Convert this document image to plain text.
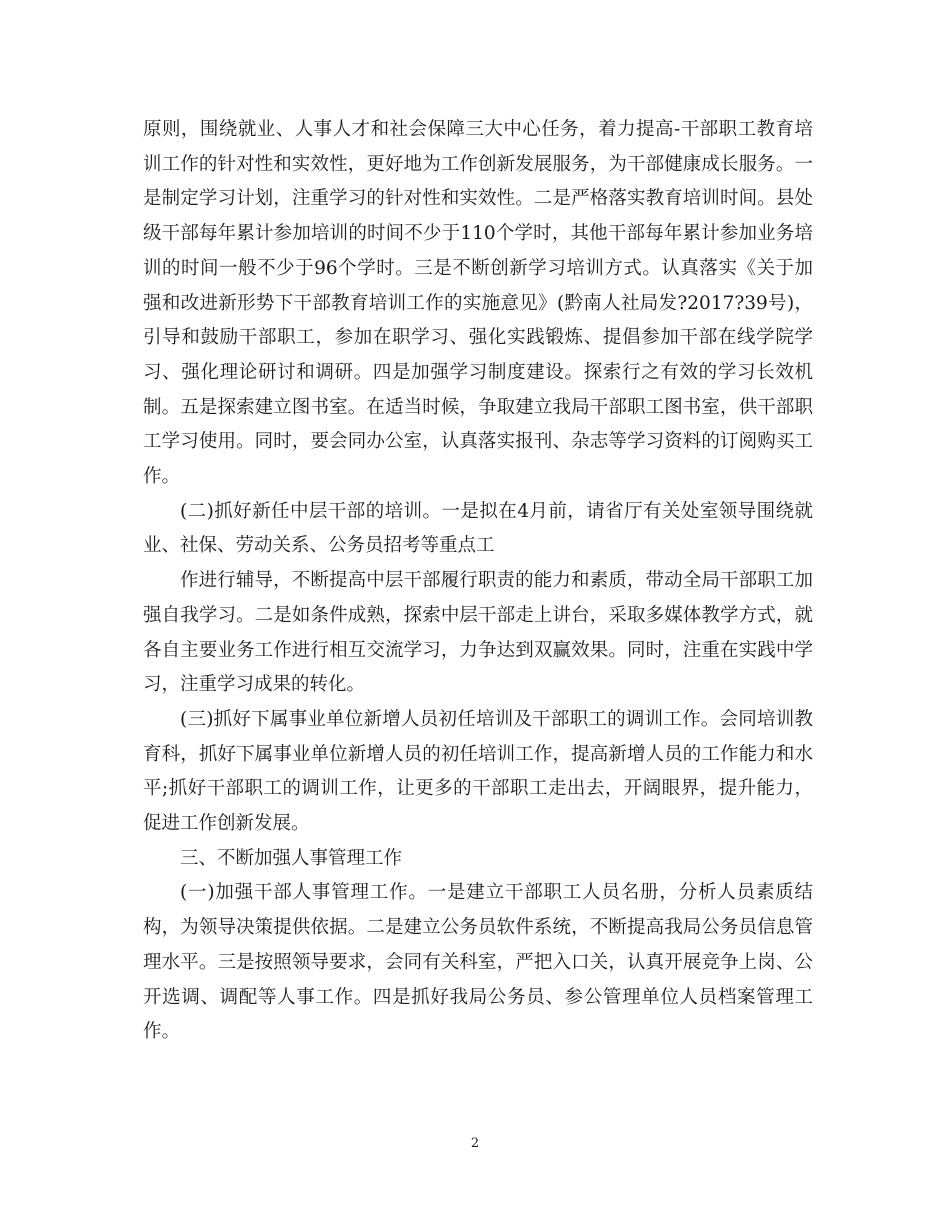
原则，围绕就业、人事人才和社会保障三大中心任务，着力提高-干部职工教育培训工作的针对性和实效性，更好地为工作创新发展服务，为干部健康成长服务。一是制定学习计划，注重学习的针对性和实效性。二是严格落实教育培训时间。县处级干部每年累计参加培训的时间不少于110个学时，其他干部每年累计参加业务培训的时间一般不少于96个学时。三是不断创新学习培训方式。认真落实《关于加强和改进新形势下干部教育培训工作的实施意见》(黔南人社局发?2017?39号)，引导和鼓励干部职工，参加在职学习、强化实践锻炼、提倡参加干部在线学院学习、强化理论研讨和调研。四是加强学习制度建设。探索行之有效的学习长效机制。五是探索建立图书室。在适当时候，争取建立我局干部职工图书室，供干部职工学习使用。同时，要会同办公室，认真落实报刊、杂志等学习资料的订阅购买工作。

(二)抓好新任中层干部的培训。一是拟在4月前，请省厅有关处室领导围绕就业、社保、劳动关系、公务员招考等重点工

作进行辅导，不断提高中层干部履行职责的能力和素质，带动全局干部职工加强自我学习。二是如条件成熟，探索中层干部走上讲台，采取多媒体教学方式，就各自主要业务工作进行相互交流学习，力争达到双赢效果。同时，注重在实践中学习，注重学习成果的转化。

(三)抓好下属事业单位新增人员初任培训及干部职工的调训工作。会同培训教育科，抓好下属事业单位新增人员的初任培训工作，提高新增人员的工作能力和水平;抓好干部职工的调训工作，让更多的干部职工走出去，开阔眼界，提升能力，促进工作创新发展。

三、不断加强人事管理工作

(一)加强干部人事管理工作。一是建立干部职工人员名册，分析人员素质结构，为领导决策提供依据。二是建立公务员软件系统，不断提高我局公务员信息管理水平。三是按照领导要求，会同有关科室，严把入口关，认真开展竞争上岗、公开选调、调配等人事工作。四是抓好我局公务员、参公管理单位人员档案管理工作。

2
